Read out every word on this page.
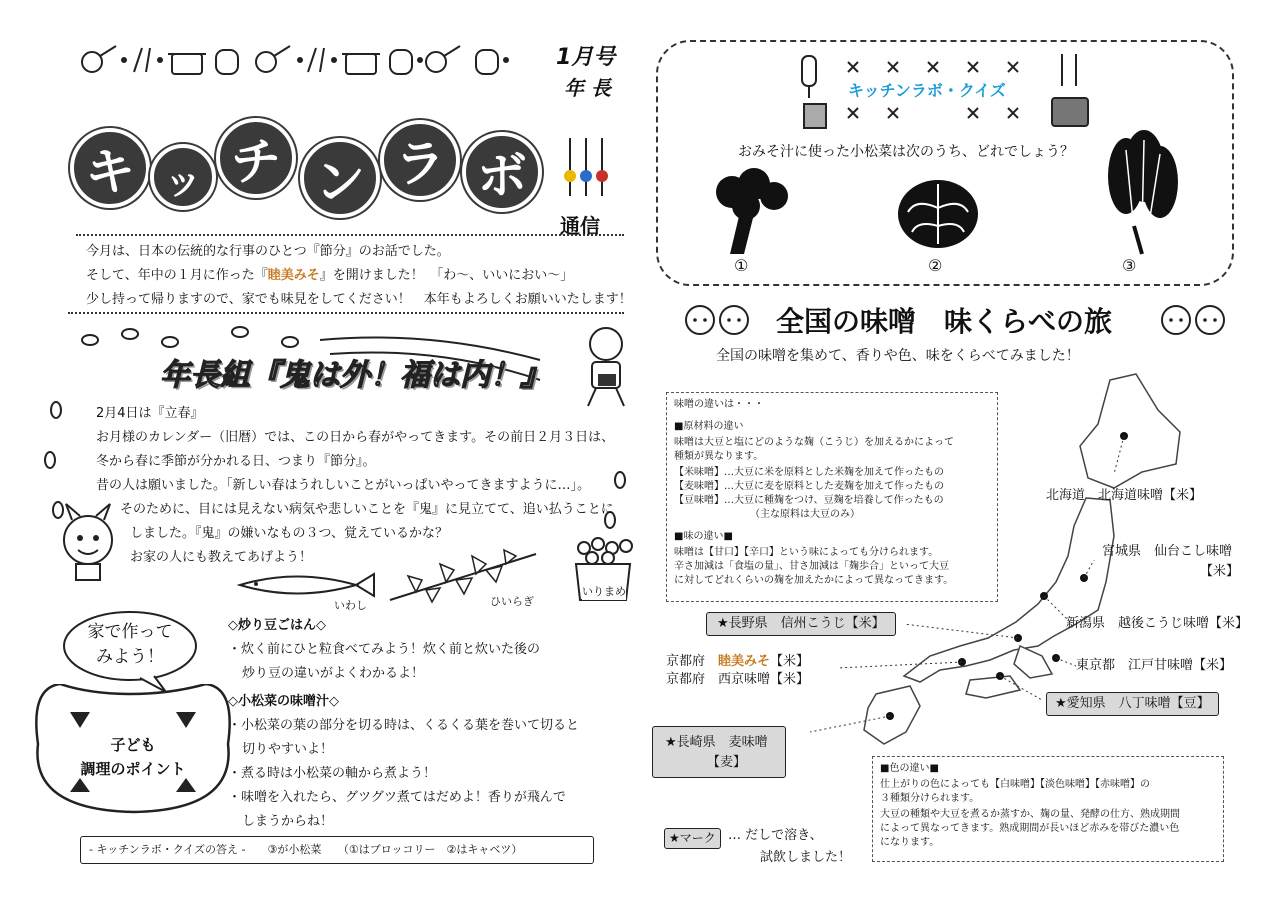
1月号
年 長
キ ッ チ ン ラ ボ
通信
今月は、日本の伝統的な行事のひとつ『節分』のお話でした。
そして、年中の１月に作った『睦美みそ』を開けました！　「わ〜、いいにおい〜」
少し持って帰りますので、家でも味見をしてください！　本年もよろしくお願いいたします！
年長組『鬼は外！福は内！』
2月4日は『立春』
お月様のカレンダー（旧暦）では、この日から春がやってきます。その前日２月３日は、
冬から春に季節が分かれる日、つまり『節分』。
昔の人は願いました。「新しい春はうれしいことがいっぱいやってきますように…」。
そのために、目には見えない病気や悲しいことを『鬼』に見立てて、追い払うことに
しました。『鬼』の嫌いなもの３つ、覚えているかな？
お家の人にも教えてあげよう！
いわし	ひいらぎ
いりまめ
家で作って
みよう！
子ども
調理のポイント
◇炒り豆ごはん◇
・炊く前にひと粒食べてみよう！炊く前と炊いた後の
炒り豆の違いがよくわかるよ！
◇小松菜の味噌汁◇
・小松菜の葉の部分を切る時は、くるくる葉を巻いて切ると
切りやすいよ！
・煮る時は小松菜の軸から煮よう！
・味噌を入れたら、グツグツ煮てはだめよ！香りが飛んで
しまうからね！
- キッチンラボ・クイズの答え -　　③が小松菜　　（①はブロッコリー　②はキャベツ）
キッチンラボ・クイズ
おみそ汁に使った小松菜は次のうち、どれでしょう？
①	②	③
全国の味噌　味くらべの旅
全国の味噌を集めて、香りや色、味をくらべてみました！
味噌の違いは・・・
■原材料の違い
味噌は大豆と塩にどのような麹（こうじ）を加えるかによって
種類が異なります。
【米味噌】…大豆に米を原料とした米麹を加えて作ったもの
【麦味噌】…大豆に麦を原料とした麦麹を加えて作ったもの
【豆味噌】…大豆に種麹をつけ、豆麹を培養して作ったもの
（主な原料は大豆のみ）
■味の違い■
味噌は【甘口】【辛口】という味によっても分けられます。
辛さ加減は「食塩の量」、甘さ加減は「麹歩合」といって大豆
に対してどれくらいの麹を加えたかによって異なってきます。
北海道　北海道味噌【米】
宮城県　仙台こし味噌
【米】
新潟県　越後こうじ味噌【米】
東京都　江戸甘味噌【米】
★長野県　信州こうじ【米】
京都府　睦美みそ【米】
京都府　西京味噌【米】
★愛知県　八丁味噌【豆】
★長崎県　麦味噌
【麦】	■色の違い■
仕上がりの色によっても【白味噌】【淡色味噌】【赤味噌】の
３種類分けられます。
大豆の種類や大豆を煮るか蒸すか、麹の量、発酵の仕方、熟成期間
によって異なってきます。熟成期間が長いほど赤みを帯びた濃い色
になります。
★マーク … だしで溶き、
試飲しました！
